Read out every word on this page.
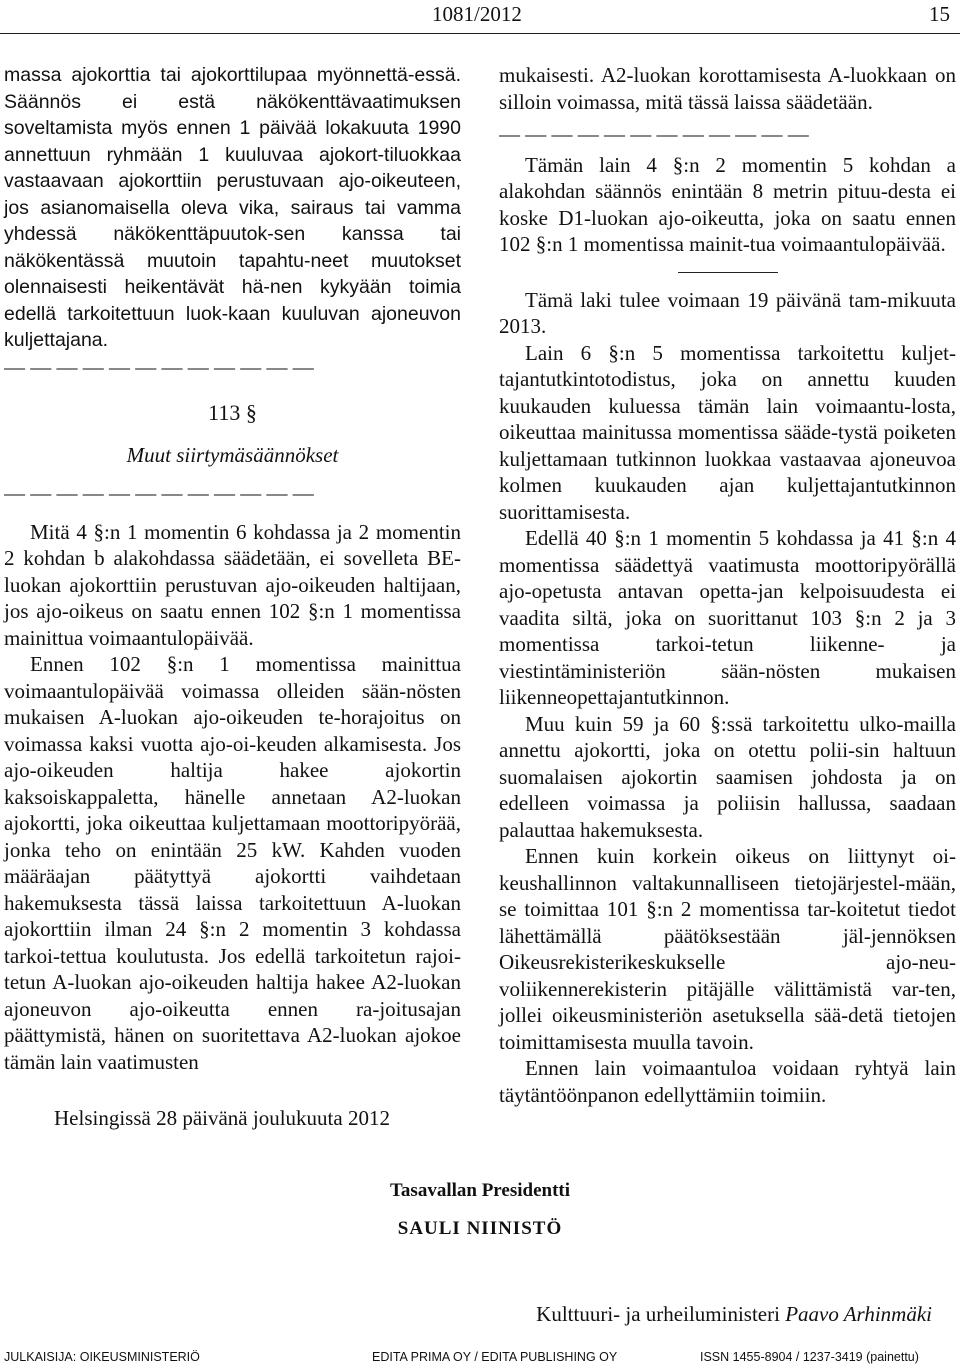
1081/2012	15

massa ajokorttia tai ajokorttilupaa myönnettä-essä. Säännös ei estä näkökenttävaatimuksen soveltamista myös ennen 1 päivää lokakuuta 1990 annettuun ryhmään 1 kuuluvaa ajokort-tiluokkaa vastaavaan ajokorttiin perustuvaan ajo-oikeuteen, jos asianomaisella oleva vika, sairaus tai vamma yhdessä näkökenttäpuutok-sen kanssa tai näkökentässä muutoin tapahtu-neet muutokset olennaisesti heikentävät hä-nen kykyään toimia edellä tarkoitettuun luok-kaan kuuluvan ajoneuvon kuljettajana.

— — — — — — — — — — — —
113 §
Muut siirtymäsäännökset
— — — — — — — — — — — —

Mitä 4 §:n 1 momentin 6 kohdassa ja 2 momentin 2 kohdan b alakohdassa säädetään, ei sovelleta BE-luokan ajokorttiin perustuvan ajo-oikeuden haltijaan, jos ajo-oikeus on saatu ennen 102 §:n 1 momentissa mainittua voimaantulopäivää.

Ennen 102 §:n 1 momentissa mainittua voimaantulopäivää voimassa olleiden sään-nösten mukaisen A-luokan ajo-oikeuden te-horajoitus on voimassa kaksi vuotta ajo-oi-keuden alkamisesta. Jos ajo-oikeuden haltija hakee ajokortin kaksoiskappaletta, hänelle annetaan A2-luokan ajokortti, joka oikeuttaa kuljettamaan moottoripyörää, jonka teho on enintään 25 kW. Kahden vuoden määräajan päätyttyä ajokortti vaihdetaan hakemuksesta tässä laissa tarkoitettuun A-luokan ajokorttiin ilman 24 §:n 2 momentin 3 kohdassa tarkoi-tettua koulutusta. Jos edellä tarkoitetun rajoi-tetun A-luokan ajo-oikeuden haltija hakee A2-luokan ajoneuvon ajo-oikeutta ennen ra-joitusajan päättymistä, hänen on suoritettava A2-luokan ajokoe tämän lain vaatimusten

mukaisesti. A2-luokan korottamisesta A-luokkaan on silloin voimassa, mitä tässä laissa säädetään.

— — — — — — — — — — — —

Tämän lain 4 §:n 2 momentin 5 kohdan a alakohdan säännös enintään 8 metrin pituu-desta ei koske D1-luokan ajo-oikeutta, joka on saatu ennen 102 §:n 1 momentissa mainit-tua voimaantulopäivää.

Tämä laki tulee voimaan 19 päivänä tam-mikuuta 2013.

Lain 6 §:n 5 momentissa tarkoitettu kuljet-tajantutkintotodistus, joka on annettu kuuden kuukauden kuluessa tämän lain voimaantu-losta, oikeuttaa mainitussa momentissa sääde-tystä poiketen kuljettamaan tutkinnon luokkaa vastaavaa ajoneuvoa kolmen kuukauden ajan kuljettajantutkinnon suorittamisesta.

Edellä 40 §:n 1 momentin 5 kohdassa ja 41 §:n 4 momentissa säädettyä vaatimusta moottoripyörällä ajo-opetusta antavan opetta-jan kelpoisuudesta ei vaadita siltä, joka on suorittanut 103 §:n 2 ja 3 momentissa tarkoi-tetun liikenne- ja viestintäministeriön sään-nösten mukaisen liikenneopettajantutkinnon.

Muu kuin 59 ja 60 §:ssä tarkoitettu ulko-mailla annettu ajokortti, joka on otettu polii-sin haltuun suomalaisen ajokortin saamisen johdosta ja on edelleen voimassa ja poliisin hallussa, saadaan palauttaa hakemuksesta.

Ennen kuin korkein oikeus on liittynyt oi-keushallinnon valtakunnalliseen tietojärjestel-mään, se toimittaa 101 §:n 2 momentissa tar-koitetut tiedot lähettämällä päätöksestään jäl-jennöksen Oikeusrekisterikeskukselle ajo-neu-voliikennerekisterin pitäjälle välittämistä var-ten, jollei oikeusministeriön asetuksella sää-detä tietojen toimittamisesta muulla tavoin.

Ennen lain voimaantuloa voidaan ryhtyä lain täytäntöönpanon edellyttämiin toimiin.

Helsingissä 28 päivänä joulukuuta 2012
Tasavallan Presidentti
SAULI NIINISTÖ
Kulttuuri- ja urheiluministeri Paavo Arhinmäki
JULKAISIJA: OIKEUSMINISTERIÖ	EDITA PRIMA OY / EDITA PUBLISHING OY	ISSN 1455-8904 / 1237-3419 (painettu)
